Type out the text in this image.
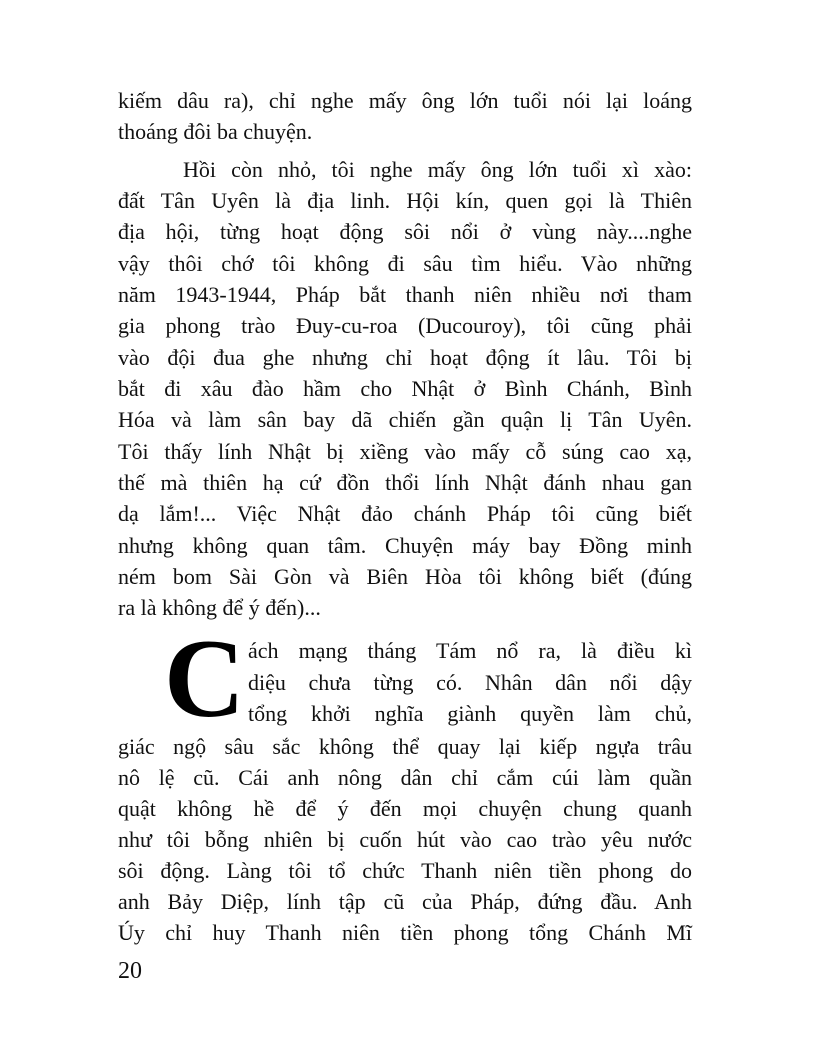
kiếm dâu ra), chỉ nghe mấy ông lớn tuổi nói lại loáng
thoáng đôi ba chuyện.
Hồi còn nhỏ, tôi nghe mấy ông lớn tuổi xì xào:
đất Tân Uyên là địa linh. Hội kín, quen gọi là Thiên
địa hội, từng hoạt động sôi nổi ở vùng này....nghe
vậy thôi chớ tôi không đi sâu tìm hiểu. Vào những
năm 1943-1944, Pháp bắt thanh niên nhiều nơi tham
gia phong trào Đuy-cu-roa (Ducouroy), tôi cũng phải
vào đội đua ghe nhưng chỉ hoạt động ít lâu. Tôi bị
bắt đi xâu đào hầm cho Nhật ở Bình Chánh, Bình
Hóa và làm sân bay dã chiến gần quận lị Tân Uyên.
Tôi thấy lính Nhật bị xiềng vào mấy cỗ súng cao xạ,
thế mà thiên hạ cứ đồn thổi lính Nhật đánh nhau gan
dạ lắm!... Việc Nhật đảo chánh Pháp tôi cũng biết
nhưng không quan tâm. Chuyện máy bay Đồng minh
ném bom Sài Gòn và Biên Hòa tôi không biết (đúng
ra là không để ý đến)...
ách mạng tháng Tám nổ ra, là điều kì
diệu chưa từng có. Nhân dân nổi dậy
tổng khởi nghĩa giành quyền làm chủ,
giác ngộ sâu sắc không thể quay lại kiếp ngựa trâu
nô lệ cũ. Cái anh nông dân chỉ cắm cúi làm quần
quật không hề để ý đến mọi chuyện chung quanh
như tôi bỗng nhiên bị cuốn hút vào cao trào yêu nước
sôi động. Làng tôi tổ chức Thanh niên tiền phong do
anh Bảy Diệp, lính tập cũ của Pháp, đứng đầu. Anh
Úy chỉ huy Thanh niên tiền phong tổng Chánh Mĩ
C
20
